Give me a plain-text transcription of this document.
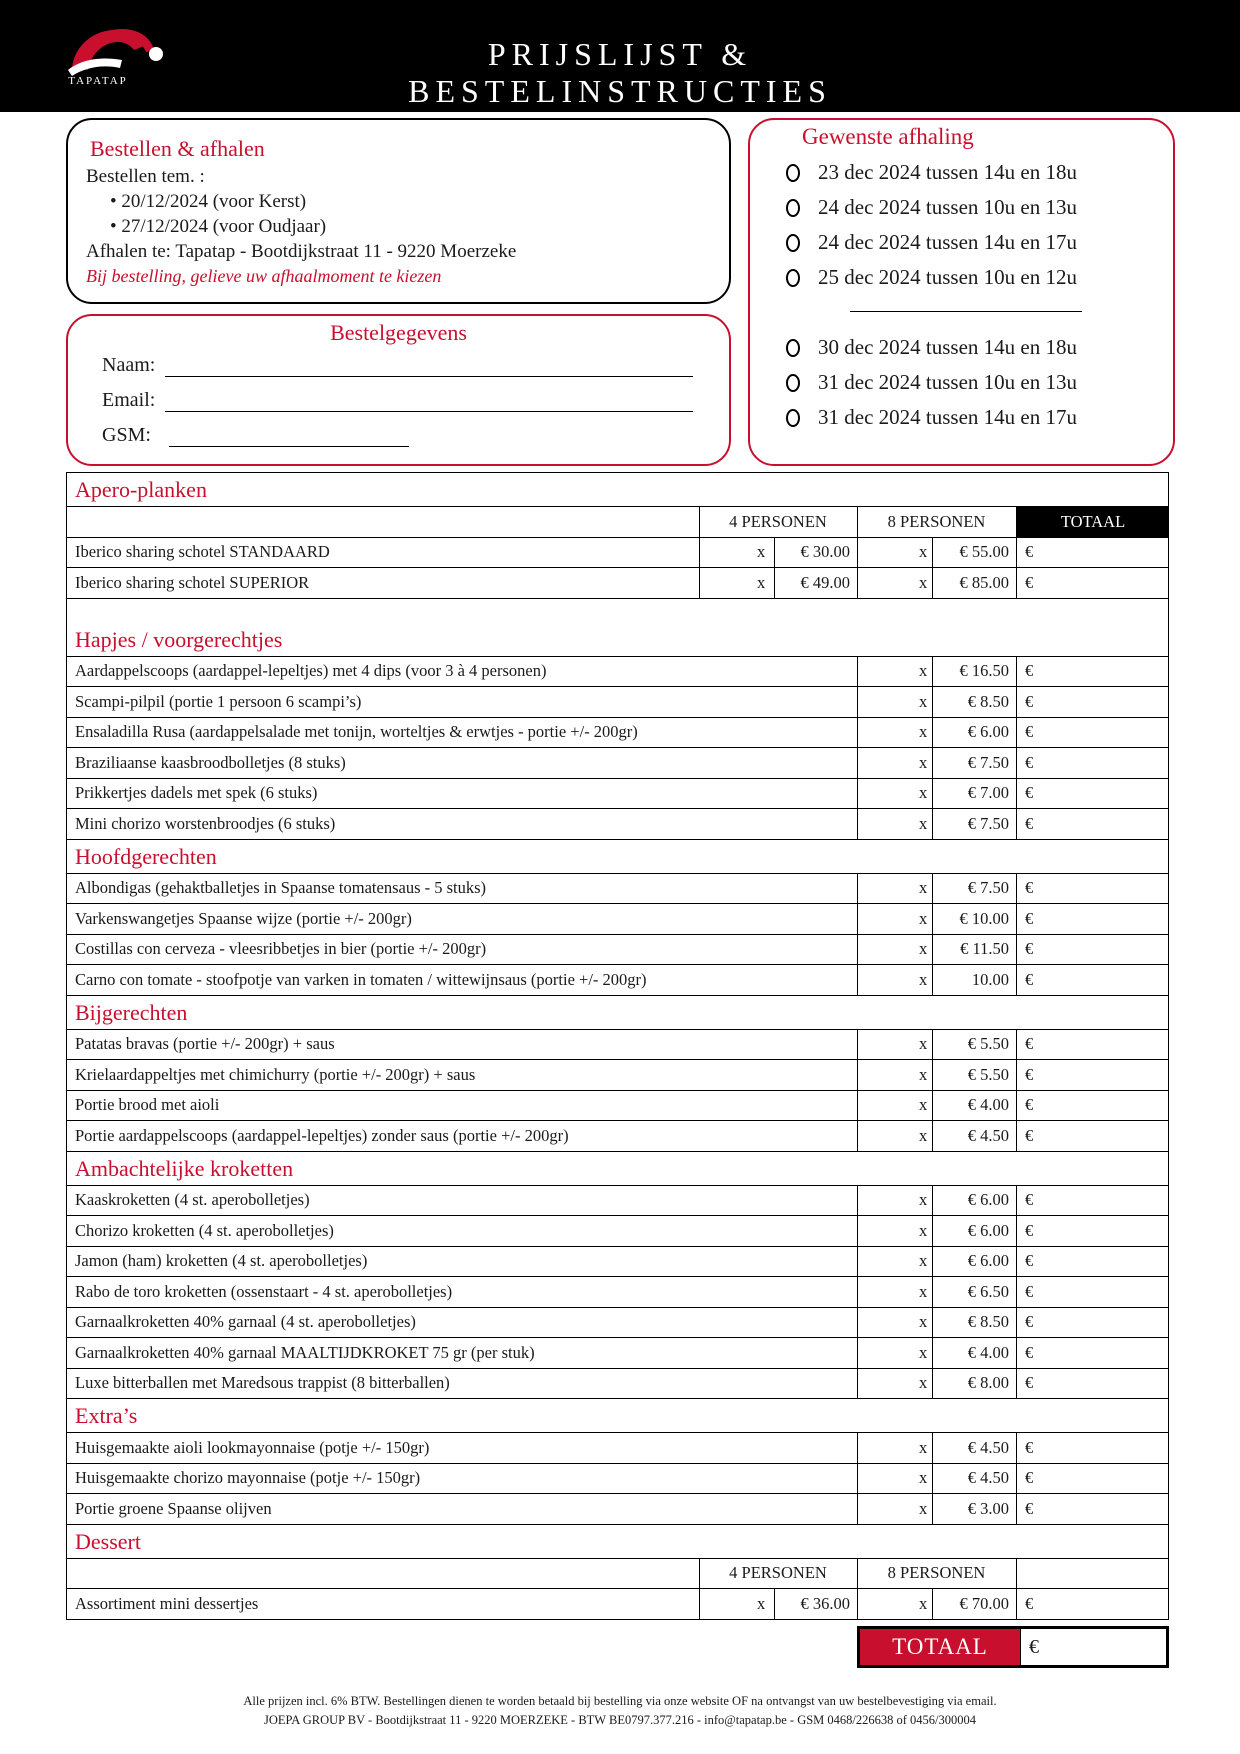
TAPATAP
PRIJSLIJST & BESTELINSTRUCTIES
Bestellen & afhalen
Bestellen tem. :
• 20/12/2024 (voor Kerst)
• 27/12/2024 (voor Oudjaar)
Afhalen te: Tapatap - Bootdijkstraat 11 - 9220 Moerzeke
Bij bestelling, gelieve uw afhaalmoment te kiezen
Bestelgegevens
Naam:
Email:
GSM:
Gewenste afhaling
23 dec 2024 tussen 14u en 18u
24 dec 2024 tussen 10u en 13u
24 dec 2024 tussen 14u en 17u
25 dec 2024 tussen 10u en 12u
30 dec 2024 tussen 14u en 18u
31 dec 2024 tussen 10u en 13u
31 dec 2024 tussen 14u en 17u
Apero-planken
4 PERSONEN	8 PERSONEN	TOTAAL
Iberico sharing schotel STANDAARD	x	€ 30.00	x	€ 55.00 €
Iberico sharing schotel SUPERIOR	x	€ 49.00	x	€ 85.00 €
Hapjes / voorgerechtjes
Aardappelscoops (aardappel-lepeltjes) met 4 dips (voor 3 à 4 personen)	x	€ 16.50 €
Scampi-pilpil (portie 1 persoon 6 scampi’s)	x	€ 8.50 €
Ensaladilla Rusa (aardappelsalade met tonijn, worteltjes & erwtjes - portie +/- 200gr)	x	€ 6.00 €
Braziliaanse kaasbroodbolletjes (8 stuks)	x	€ 7.50 €
Prikkertjes dadels met spek (6 stuks)	x	€ 7.00 €
Mini chorizo worstenbroodjes (6 stuks)	x	€ 7.50 €
Hoofdgerechten
Albondigas (gehaktballetjes in Spaanse tomatensaus - 5 stuks)	x	€ 7.50 €
Varkenswangetjes Spaanse wijze (portie +/- 200gr)	x	€ 10.00 €
Costillas con cerveza - vleesribbetjes in bier (portie +/- 200gr)	x	€ 11.50 €
Carno con tomate - stoofpotje van varken in tomaten / wittewijnsaus (portie +/- 200gr)	x	10.00 €
Bijgerechten
Patatas bravas (portie +/- 200gr) + saus	x	€ 5.50 €
Krielaardappeltjes met chimichurry (portie +/- 200gr) + saus	x	€ 5.50 €
Portie brood met aioli	x	€ 4.00 €
Portie aardappelscoops (aardappel-lepeltjes) zonder saus (portie +/- 200gr)	x	€ 4.50 €
Ambachtelijke kroketten
Kaaskroketten (4 st. aperobolletjes)	x	€ 6.00 €
Chorizo kroketten (4 st. aperobolletjes)	x	€ 6.00 €
Jamon (ham) kroketten (4 st. aperobolletjes)	x	€ 6.00 €
Rabo de toro kroketten (ossenstaart - 4 st. aperobolletjes)	x	€ 6.50 €
Garnaalkroketten 40% garnaal (4 st. aperobolletjes)	x	€ 8.50 €
Garnaalkroketten 40% garnaal MAALTIJDKROKET 75 gr (per stuk)	x	€ 4.00 €
Luxe bitterballen met Maredsous trappist (8 bitterballen)	x	€ 8.00 €
Extra’s
Huisgemaakte aioli lookmayonnaise (potje +/- 150gr)	x	€ 4.50 €
Huisgemaakte chorizo mayonnaise (potje +/- 150gr)	x	€ 4.50 €
Portie groene Spaanse olijven	x	€ 3.00 €
Dessert
4 PERSONEN	8 PERSONEN
Assortiment mini dessertjes	x	€ 36.00	x	€ 70.00 €
TOTAAL	€
Alle prijzen incl. 6% BTW. Bestellingen dienen te worden betaald bij bestelling via onze website OF na ontvangst van uw bestelbevestiging via email.
JOEPA GROUP BV - Bootdijkstraat 11 - 9220 MOERZEKE - BTW BE0797.377.216 - info@tapatap.be - GSM 0468/226638 of 0456/300004
